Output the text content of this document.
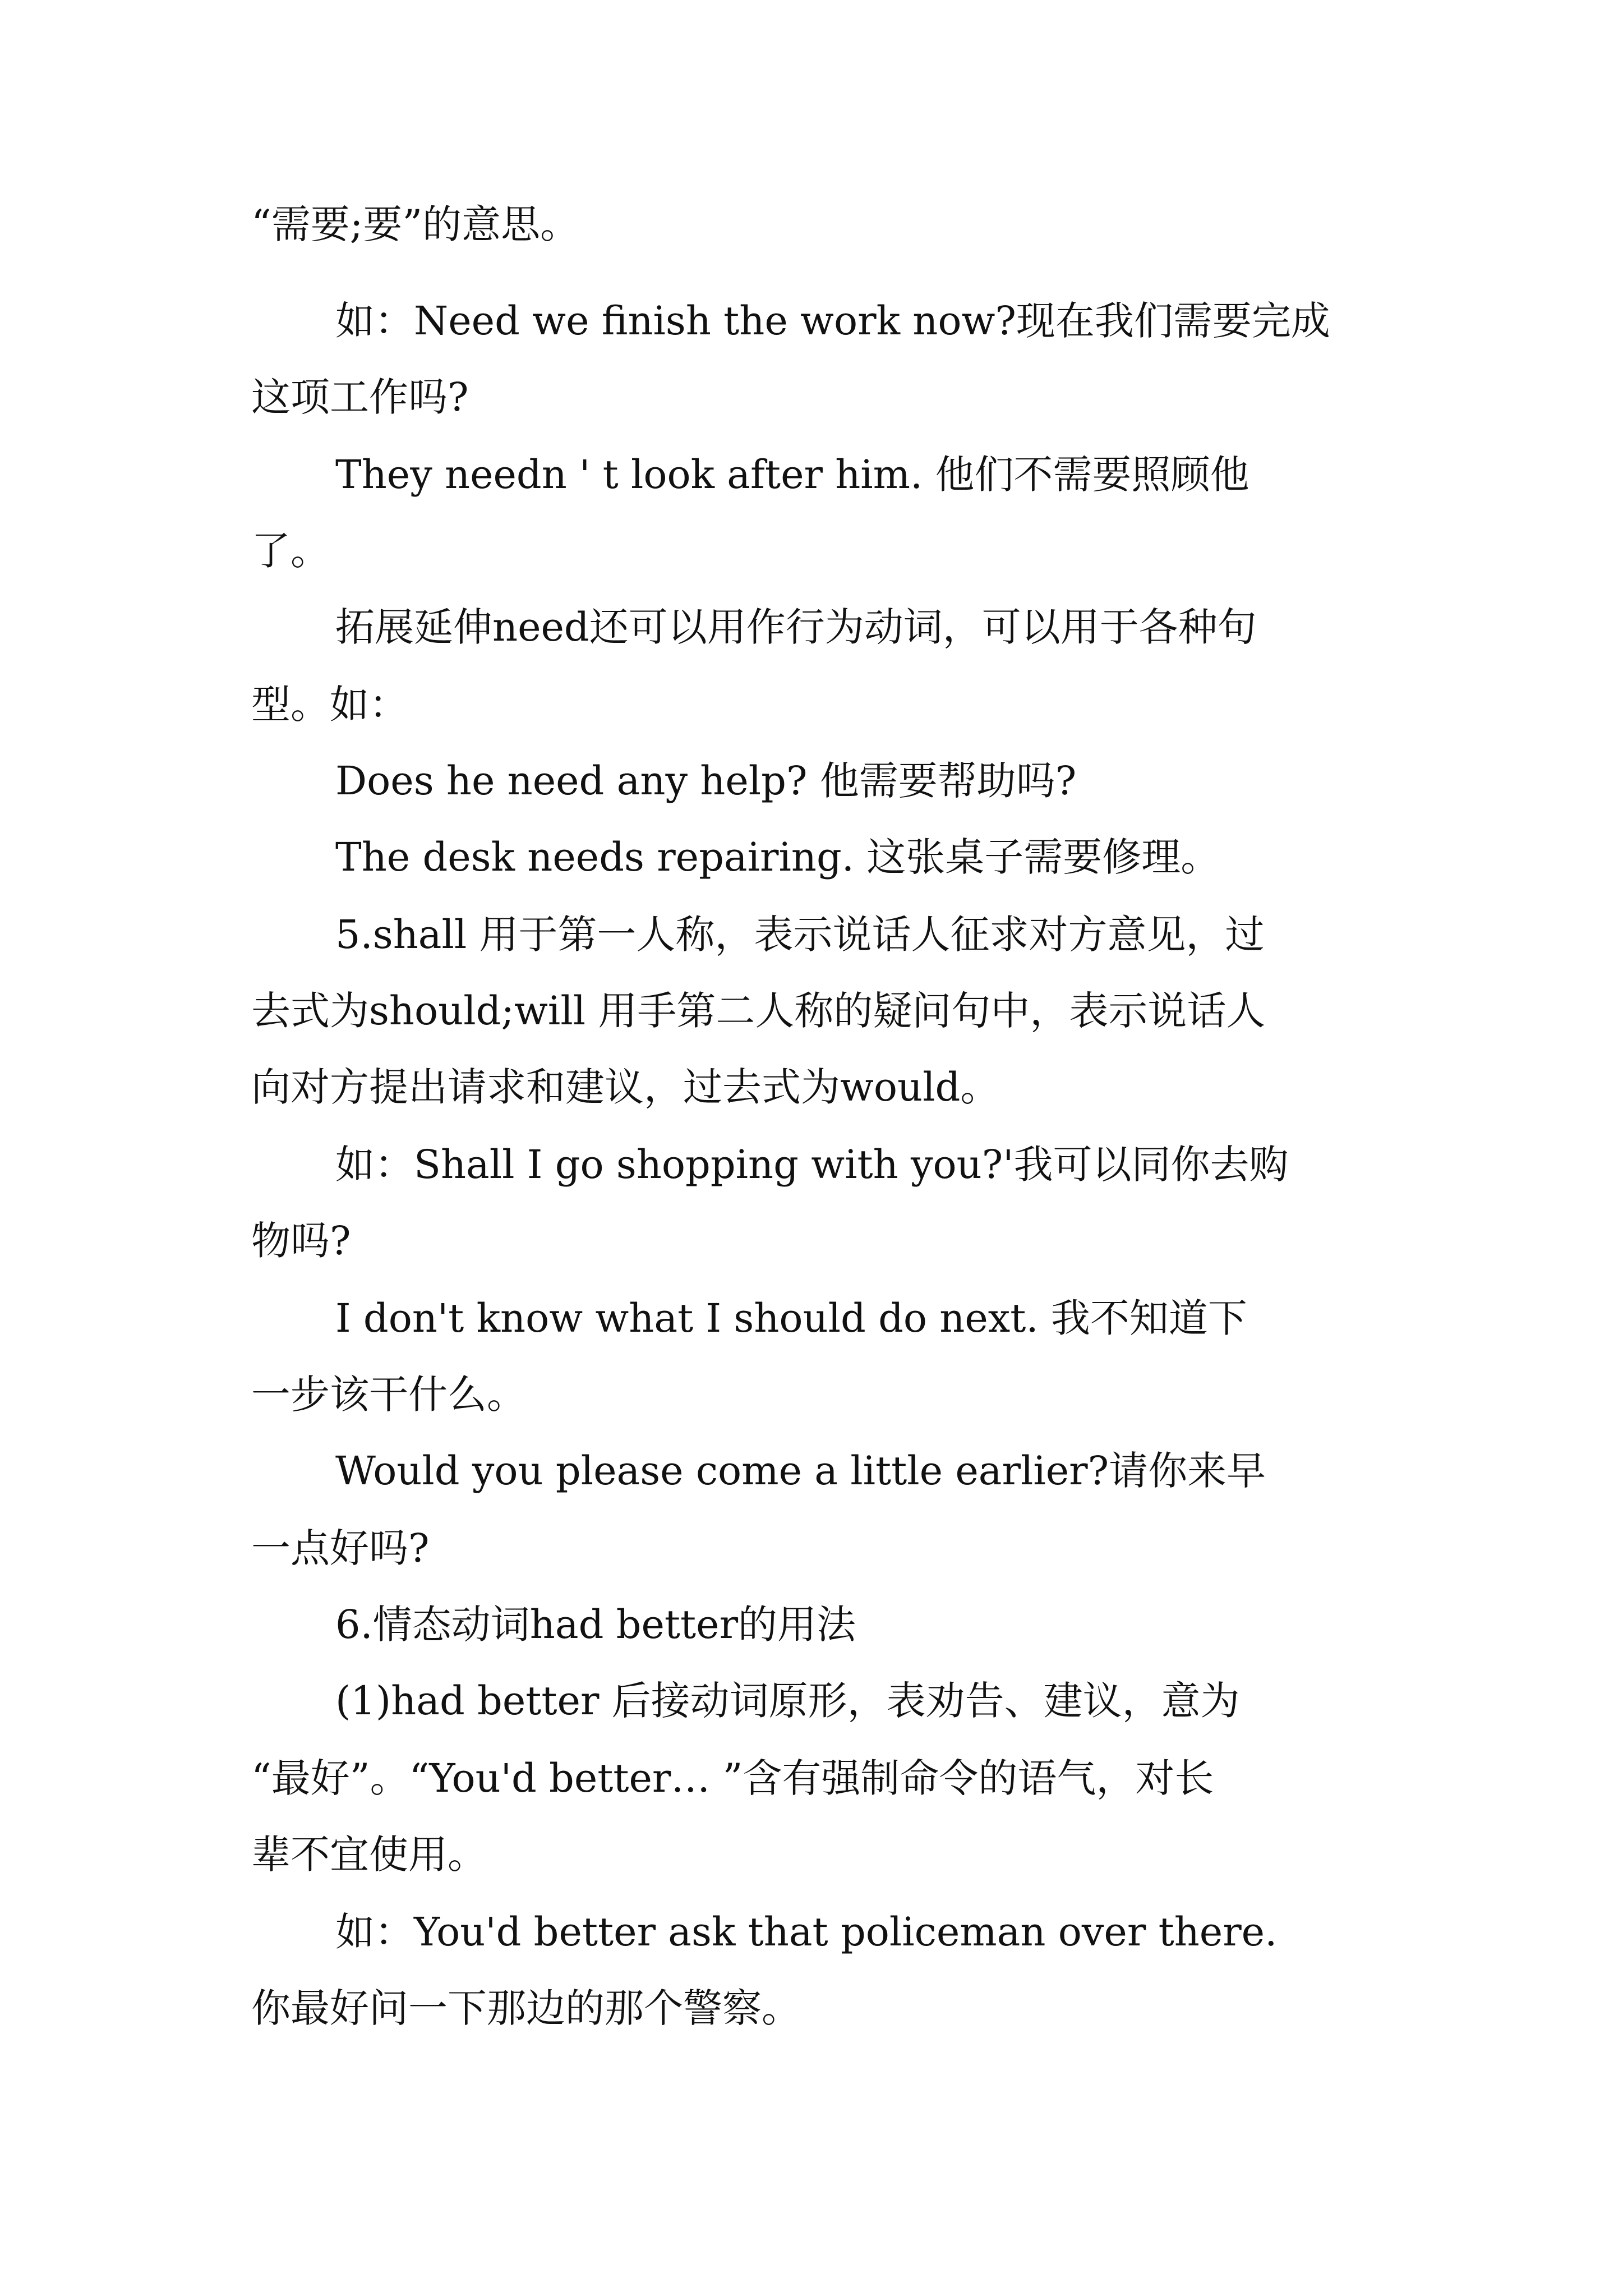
“需要;要”的意思。
如：Need we finish the work now?现在我们需要完成
这项工作吗?
They needn ' t look after him. 他们不需要照顾他
了。
拓展延伸need还可以用作行为动词，可以用于各种句
型。如：
Does he need any help? 他需要帮助吗?
The desk needs repairing. 这张桌子需要修理。
5.shall 用于第一人称，表示说话人征求对方意见，过
去式为should;will 用手第二人称的疑问句中，表示说话人
向对方提出请求和建议，过去式为would。
如：Shall I go shopping with you?'我可以同你去购
物吗?
I don't know what I should do next. 我不知道下
一步该干什么。
Would you please come a little earlier?请你来早
一点好吗?
6.情态动词had better的用法
(1)had better 后接动词原形，表劝告、建议，意为
“最好”。“You'd better… ”含有强制命令的语气，对长
辈不宜使用。
如：You'd better ask that policeman over there.
你最好问一下那边的那个警察。
